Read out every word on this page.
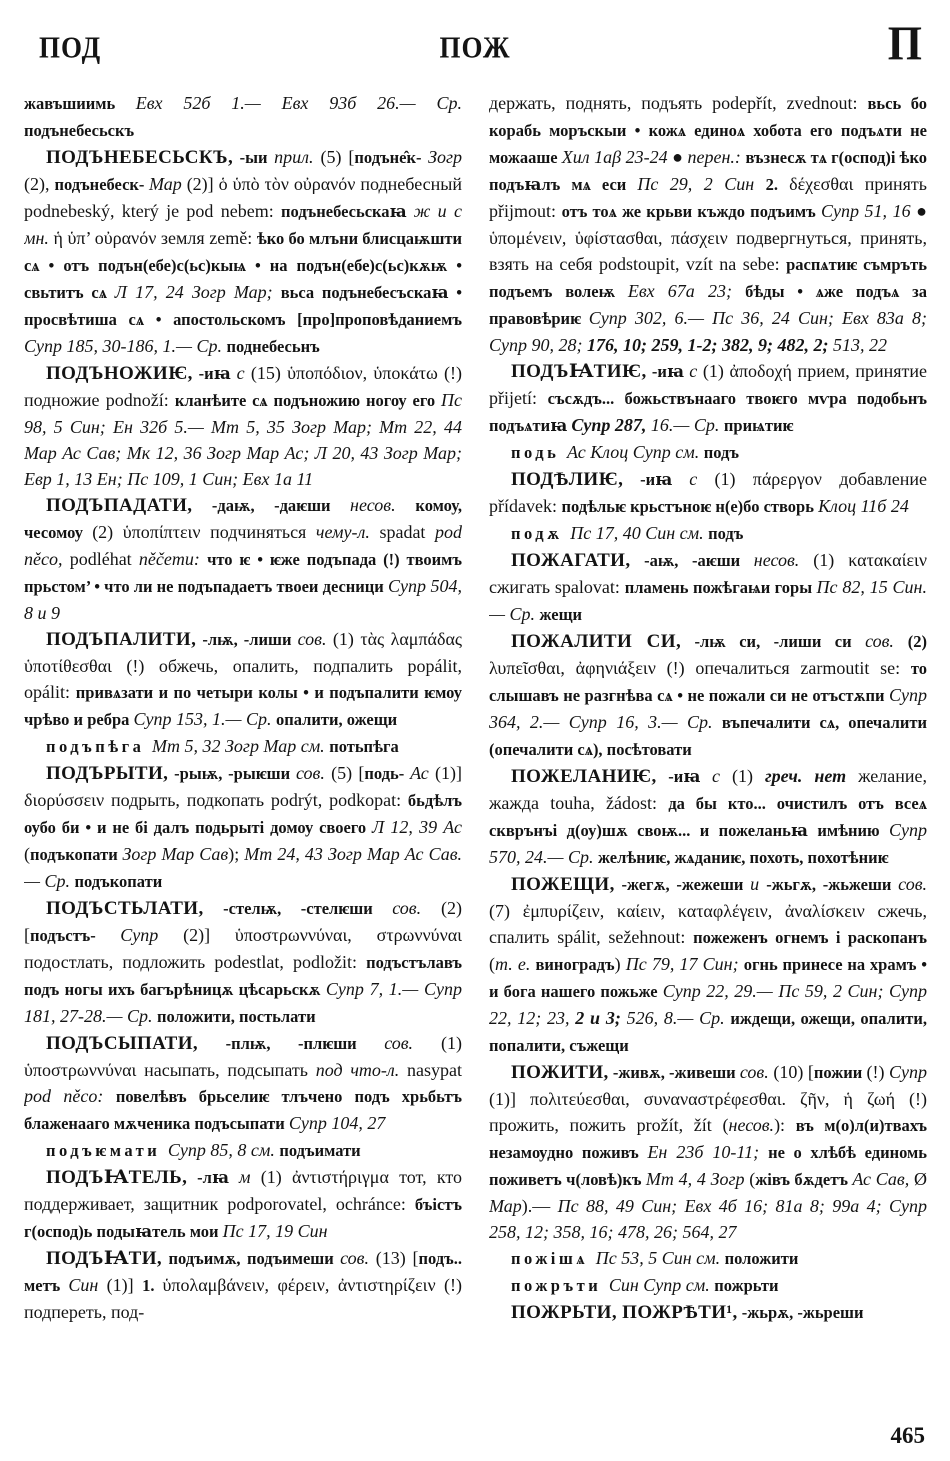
ПОД	ПОЖ	П

жавъшиимь Евх 52б 1.— Евх 93б 26.— Ср. подънебесьскъ

ПОДЪНЕБЕСЬСКЪ, -ыи прил. (5) [подъне̂к- Зогр (2), подънебеск- Мар (2)] ὁ ὑπὸ τὸν οὐρανόν поднебесный podnebeský, který je pod nebem: подънебесьскаꙗ ж и с мн. ἡ ὑπ’ οὐρανόν земля země: ѣко бо млъни блисцаѭшти сѧ • отъ подън(ебе)с(ьс)кыѩ • на подън(ебе)с(ьс)кѫѭ • свьтитъ сѧ Л 17, 24 Зогр Мар; вьса подънебесъскаꙗ • просвѣтиша сѧ • апостольскомъ [про]проповѣданиемъ Супр 185, 30-186, 1.— Ср. поднебесьнъ

ПОДЪНОЖИѤ, -иꙗ с (15) ὑποπόδιον, ὑποκάτω (!) подножие podnoží: кланѣите сѧ подъножию ногоу его Пс 98, 5 Син; Ен 32б 5.— Мт 5, 35 Зогр Мар; Мт 22, 44 Мар Ас Сав; Мк 12, 36 Зогр Мар Ас; Л 20, 43 Зогр Мар; Евр 1, 13 Ен; Пс 109, 1 Син; Евх 1а 11

ПОДЪПАДАТИ, -даѭ, -даѥши несов. комоу, чесомоу (2) ὑποπίπτειν подчиняться чему-л. spadat pod něco, podléhat něčemu: что ѥ • ѥже подъпада (!) твоимъ прьстом’ • что ли не подъпадаетъ твоеи десници Супр 504, 8 и 9

ПОДЪПАЛИТИ, -лѭ, -лиши сов. (1) τὰς λαμπάδας ὑποτίθεσθαι (!) обжечь, опалить, подпалить popálit, opálit: привѧзати и по четыри колы • и подъпалити ѥмоу чрѣво и ребра Супр 153, 1.— Ср. опалити, ожещи

подъпѣга Мт 5, 32 Зогр Мар см. потьпѣга

ПОДЪРЫТИ, -рыѭ, -рыѥши сов. (5) [подь- Ас (1)] διορύσσειν подрыть, подкопать podrýt, podkopat: бьдѣлъ оубо би • и не бі далъ подьрыті домоу своего Л 12, 39 Ас (подъкопати Зогр Мар Сав); Мт 24, 43 Зогр Мар Ас Сав.— Ср. подъкопати

ПОДЪСТЬЛАТИ, -стелѭ, -стелѥши сов. (2) [подъстъ- Супр (2)] ὑποστρωννύναι, στρωννύναι подостлать, подложить podestlat, podložit: подъстълавъ подъ ногы ихъ багърѣницѫ цѣсарьскѫ Супр 7, 1.— Супр 181, 27-28.— Ср. положити, постьлати

ПОДЪСЫПАТИ, -плѭ, -плѥши сов. (1) ὑποστρωννύναι насыпать, подсыпать под что-л. nasypat pod něco: повелѣвъ брьселиѥ тлъчено подъ хрьбьтъ блаженааго мѫченика подъсыпати Супр 104, 27

подъѥмати Супр 85, 8 см. подъимати

ПОДЪꙖТЕЛЬ, -лꙗ м (1) ἀντιστήριγμα тот, кто поддерживает, защитник podporovatel, ochránce: бъістъ г(оспод)ь подыꙗтель мои Пс 17, 19 Син

ПОДЪꙖТИ, подъимѫ, подъимеши сов. (13) [подъ.. метъ Син (1)] 1. ὑπολαμβάνειν, φέρειν, ἀντιστηρίζειν (!) подпереть, под-

держать, поднять, подъять podepřít, zvednout: вьсь бо корабь моръскыи • кожѧ единоѧ хобота его подъѧти не можааше Хил 1аβ 23-24 ● перен.: възнесѫ тѧ г(оспод)і ѣко подъꙗлъ мѧ еси Пс 29, 2 Син 2. δέχεσθαι принять přijmout: отъ тоѧ же крьви къждо подъимъ Супр 51, 16 ● ὑπομένειν, ὑφίστασθαι, πάσχειν подвергнуться, принять, взять на себя podstoupit, vzít na sebe: распѧтиѥ съмръть подъемъ волеѭ Евх 67а 23; бѣды • ѧже подъѧ за правовѣриѥ Супр 302, 6.— Пс 36, 24 Син; Евх 83а 8; Супр 90, 28; 176, 10; 259, 1-2; 382, 9; 482, 2; 513, 22

ПОДЪꙖТИѤ, -иꙗ с (1) ἀποδοχή прием, принятие přijetí: съсѫдъ... божьствънааго твоѥго мѵра подобьнъ подъѧтиꙗ Супр 287, 16.— Ср. приѩтиѥ

подь Ас Клоц Супр см. подъ

ПОДѢЛИѤ, -иꙗ с (1) πάρεργον добавление přídavek: подѣльѥ крьстъноѥ н(е)бо створь Клоц 11б 24

подѫ Пс 17, 40 Син см. подъ

ПОЖАГАТИ, -аѭ, -аѥши несов. (1) κατακαίειν сжигать spalovat: пламень пожѣгаѩи горы Пс 82, 15 Син.— Ср. жещи

ПОЖАЛИТИ СИ, -лѭ си, -лиши си сов. (2) λυπεῖσθαι, ἀφηνιάξειν (!) опечалиться zarmoutit se: то слышавъ не разгнѣва сѧ • не пожали си не отъстѫпи Супр 364, 2.— Супр 16, 3.— Ср. въпечалити сѧ, опечалити (опечалити сѧ), посѣтовати

ПОЖЕЛАНИѤ, -иꙗ с (1) греч. нет желание, жажда touha, žádost: да бы кто... очистилъ отъ всеѧ скврънъі д(оу)шѫ своѭ... и пожеланьꙗ имѣнию Супр 570, 24.— Ср. желѣниѥ, жѧданиѥ, похоть, похотѣниѥ

ПОЖЕЩИ, -жегѫ, -жежеши и -жьгѫ, -жьжеши сов. (7) ἐμπυρίζειν, καίειν, καταφλέγειν, ἀναλίσκειν сжечь, спалить spálit, sežehnout: пожеженъ огнемъ і раскопанъ (т. е. виноградъ) Пс 79, 17 Син; огнь принесе на храмъ • и бога нашего пожьже Супр 22, 29.— Пс 59, 2 Син; Супр 22, 12; 23, 2 и 3; 526, 8.— Ср. иждещи, ожещи, опалити, попалити, съжещи

ПОЖИТИ, -живѫ, -живеши сов. (10) [пожии (!) Супр (1)] πολιτεύεσθαι, συναναστρέφεσθαι. ζῆν, ἡ ζωή (!) прожить, пожить prožít, žít (несов.): въ м(о)л(и)твахъ незамѹдно поживъ Ен 23б 10-11; не о хлѣбѣ единомь поживетъ ч(ловѣ)къ Мт 4, 4 Зогр (жівъ бѫдетъ Ас Сав, Ø Мар).— Пс 88, 49 Син; Евх 4б 16; 81а 8; 99а 4; Супр 258, 12; 358, 16; 478, 26; 564, 27

пожішѧ Пс 53, 5 Син см. положити

пожръти Син Супр см. пожрьти

ПОЖРЬТИ, ПОЖРѢТИ¹, -жьрѫ, -жьреши

465
